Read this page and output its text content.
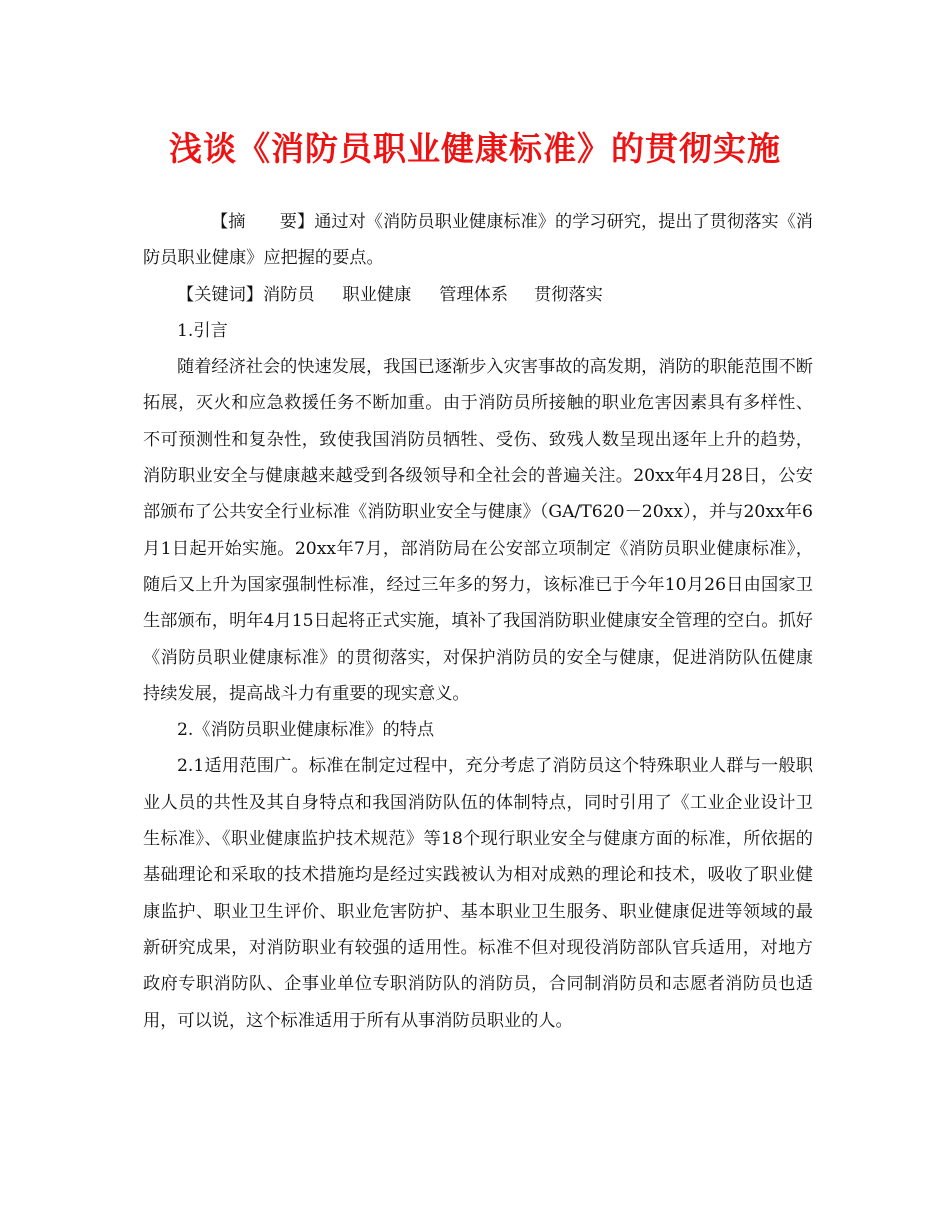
浅谈《消防员职业健康标准》的贯彻实施

【摘　　要】通过对《消防员职业健康标准》的学习研究，提出了贯彻落实《消防员职业健康》应把握的要点。

【关键词】消防员 职业健康 管理体系 贯彻落实

1.引言

随着经济社会的快速发展，我国已逐渐步入灾害事故的高发期，消防的职能范围不断拓展，灭火和应急救援任务不断加重。由于消防员所接触的职业危害因素具有多样性、不可预测性和复杂性，致使我国消防员牺牲、受伤、致残人数呈现出逐年上升的趋势，消防职业安全与健康越来越受到各级领导和全社会的普遍关注。20xx年4月28日，公安部颁布了公共安全行业标准《消防职业安全与健康》（GA/T620－20xx），并与20xx年6月1日起开始实施。20xx年7月，部消防局在公安部立项制定《消防员职业健康标准》，随后又上升为国家强制性标准，经过三年多的努力，该标准已于今年10月26日由国家卫生部颁布，明年4月15日起将正式实施，填补了我国消防职业健康安全管理的空白。抓好《消防员职业健康标准》的贯彻落实，对保护消防员的安全与健康，促进消防队伍健康持续发展，提高战斗力有重要的现实意义。

2.《消防员职业健康标准》的特点

2.1适用范围广。标准在制定过程中，充分考虑了消防员这个特殊职业人群与一般职业人员的共性及其自身特点和我国消防队伍的体制特点，同时引用了《工业企业设计卫生标准》、《职业健康监护技术规范》等18个现行职业安全与健康方面的标准，所依据的基础理论和采取的技术措施均是经过实践被认为相对成熟的理论和技术，吸收了职业健康监护、职业卫生评价、职业危害防护、基本职业卫生服务、职业健康促进等领域的最新研究成果，对消防职业有较强的适用性。标准不但对现役消防部队官兵适用，对地方政府专职消防队、企事业单位专职消防队的消防员，合同制消防员和志愿者消防员也适用，可以说，这个标准适用于所有从事消防员职业的人。
